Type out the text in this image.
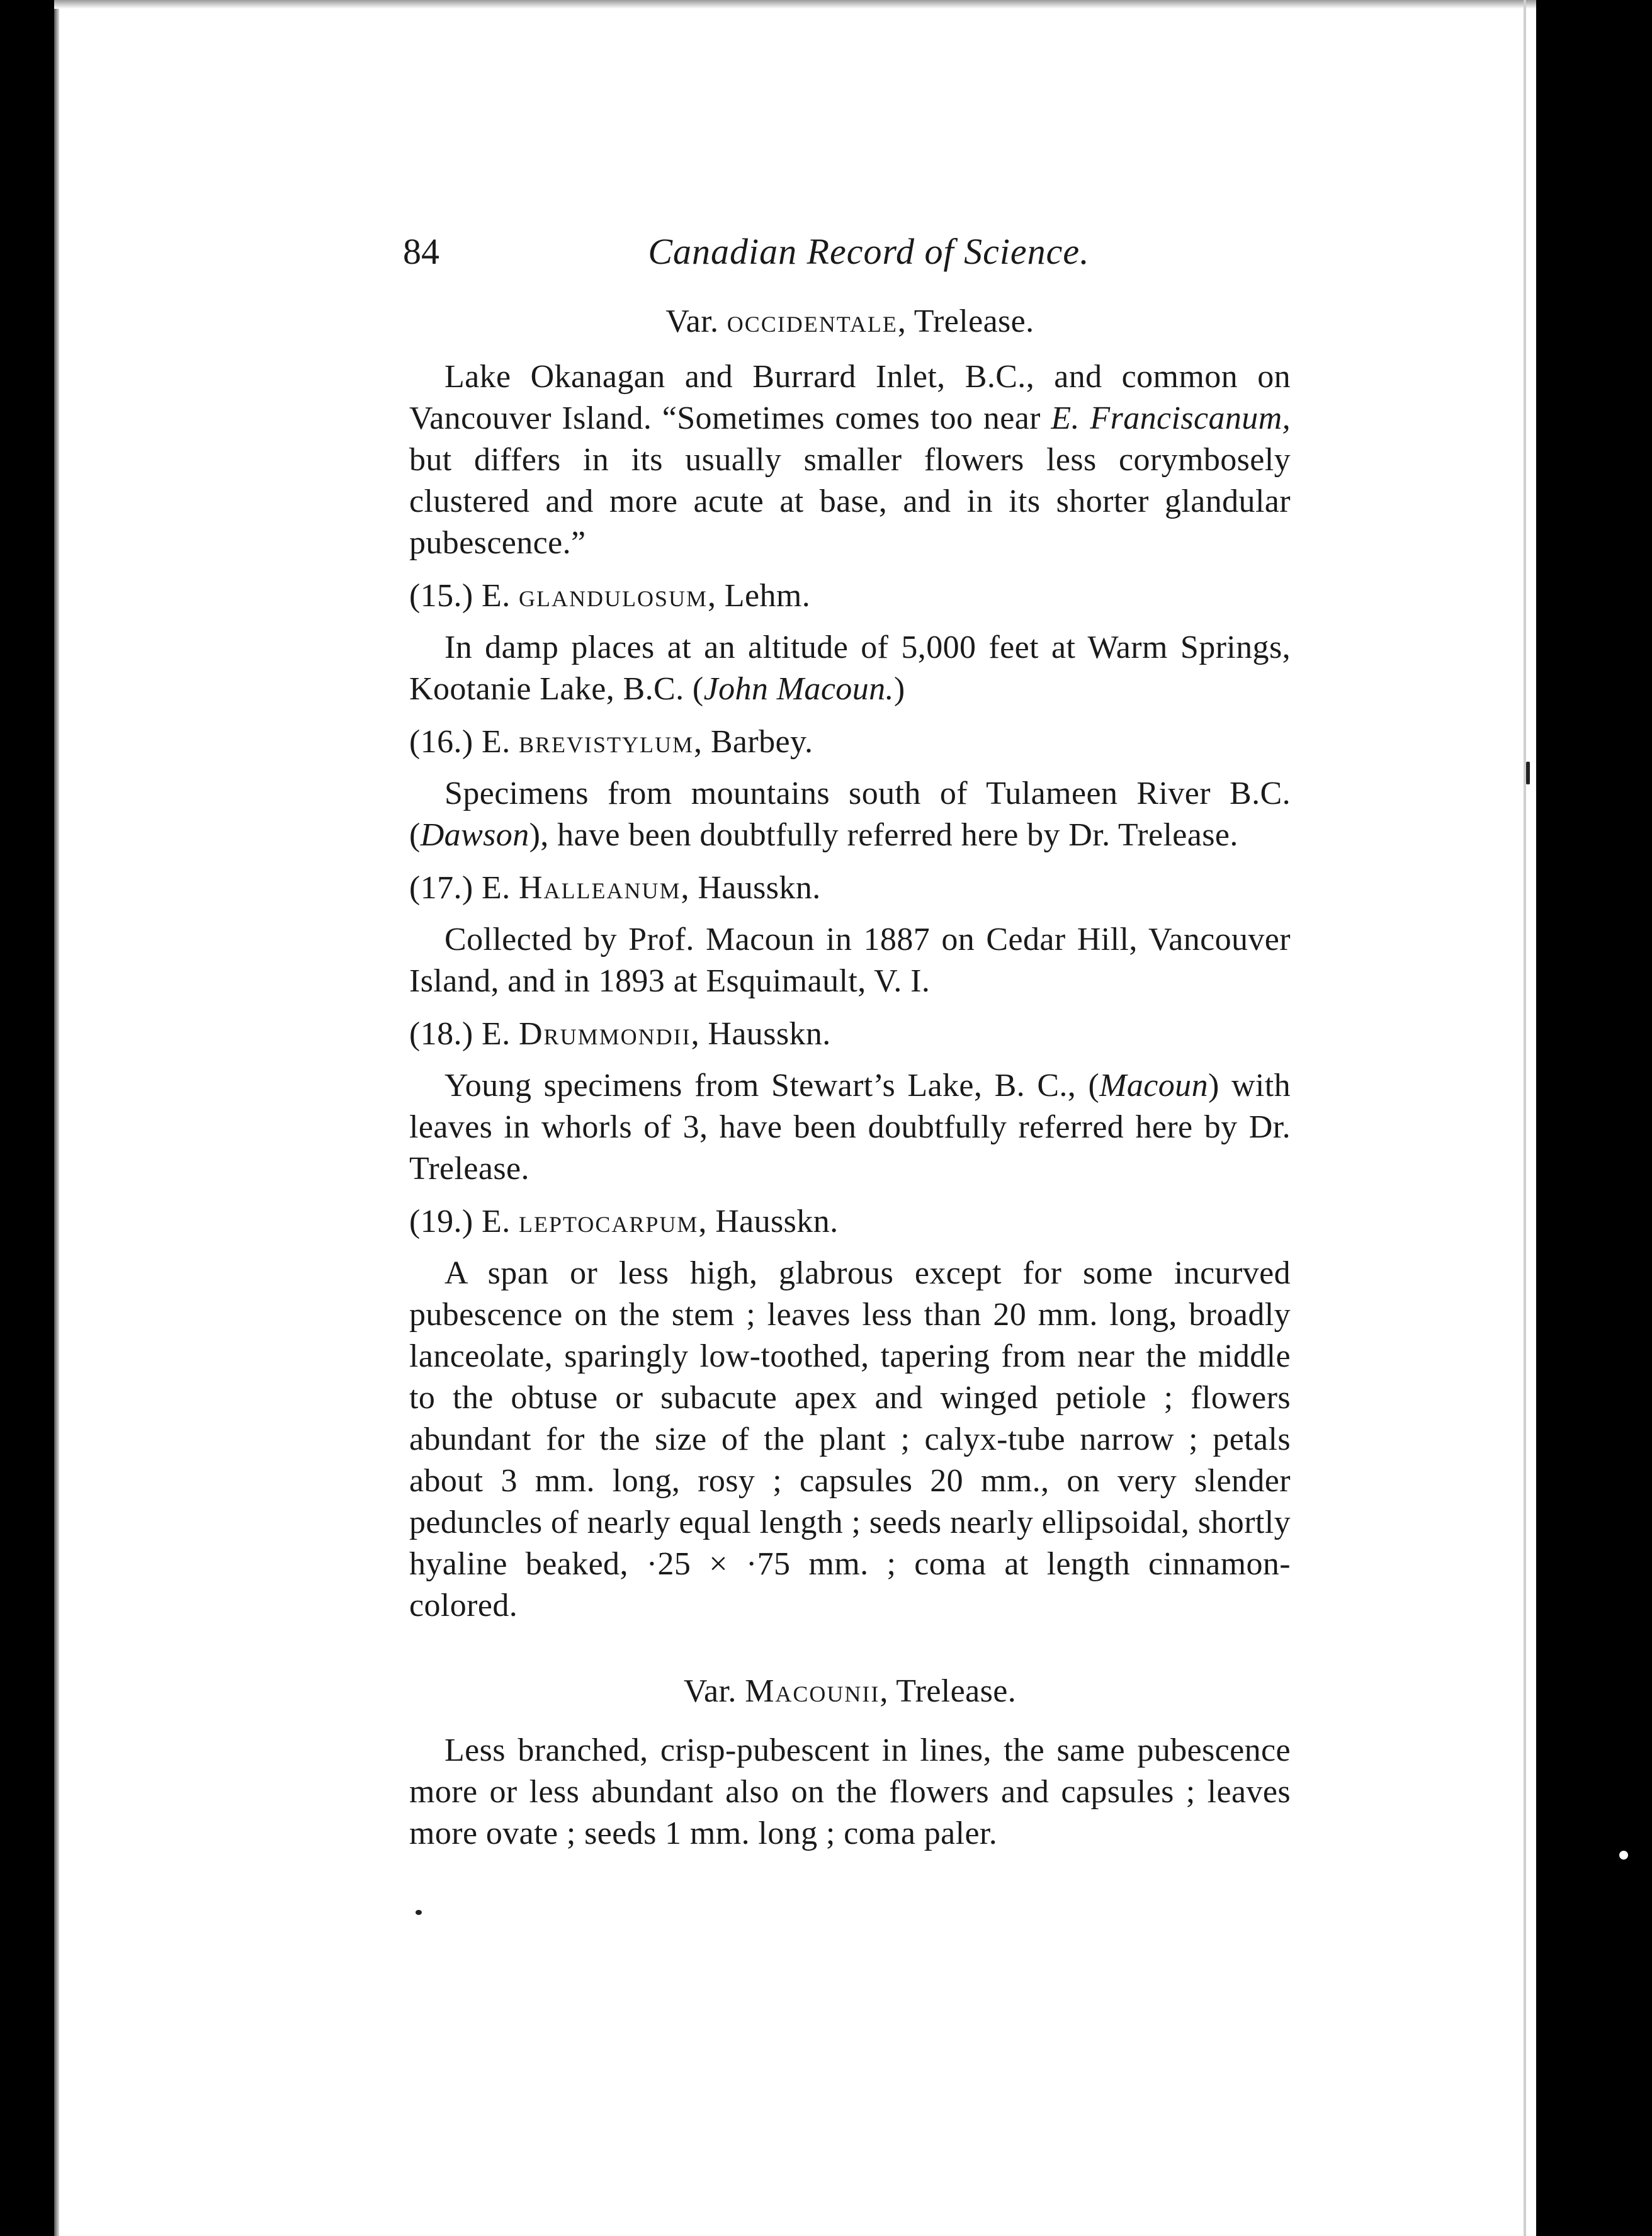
84	Canadian Record of Science.
Var. occidentale, Trelease.

Lake Okanagan and Burrard Inlet, B.C., and common on Vancouver Island. “Sometimes comes too near E. Franciscanum, but differs in its usually smaller flowers less corymbosely clustered and more acute at base, and in its shorter glandular pubescence.”

(15.) E. glandulosum, Lehm.

In damp places at an altitude of 5,000 feet at Warm Springs, Kootanie Lake, B.C. (John Macoun.)

(16.) E. brevistylum, Barbey.

Specimens from mountains south of Tulameen River B.C. (Dawson), have been doubtfully referred here by Dr. Trelease.

(17.) E. Halleanum, Hausskn.

Collected by Prof. Macoun in 1887 on Cedar Hill, Vancouver Island, and in 1893 at Esquimault, V. I.

(18.) E. Drummondii, Hausskn.

Young specimens from Stewart’s Lake, B. C., (Macoun) with leaves in whorls of 3, have been doubtfully referred here by Dr. Trelease.

(19.) E. leptocarpum, Hausskn.

A span or less high, glabrous except for some incurved pubescence on the stem ; leaves less than 20 mm. long, broadly lanceolate, sparingly low-toothed, tapering from near the middle to the obtuse or subacute apex and winged petiole ; flowers abundant for the size of the plant ; calyx-tube narrow ; petals about 3 mm. long, rosy ; capsules 20 mm., on very slender peduncles of nearly equal length ; seeds nearly ellipsoidal, shortly hyaline beaked, ·25 × ·75 mm. ; coma at length cinnamon-colored.

Var. Macounii, Trelease.

Less branched, crisp-pubescent in lines, the same pubescence more or less abundant also on the flowers and capsules ; leaves more ovate ; seeds 1 mm. long ; coma paler.
